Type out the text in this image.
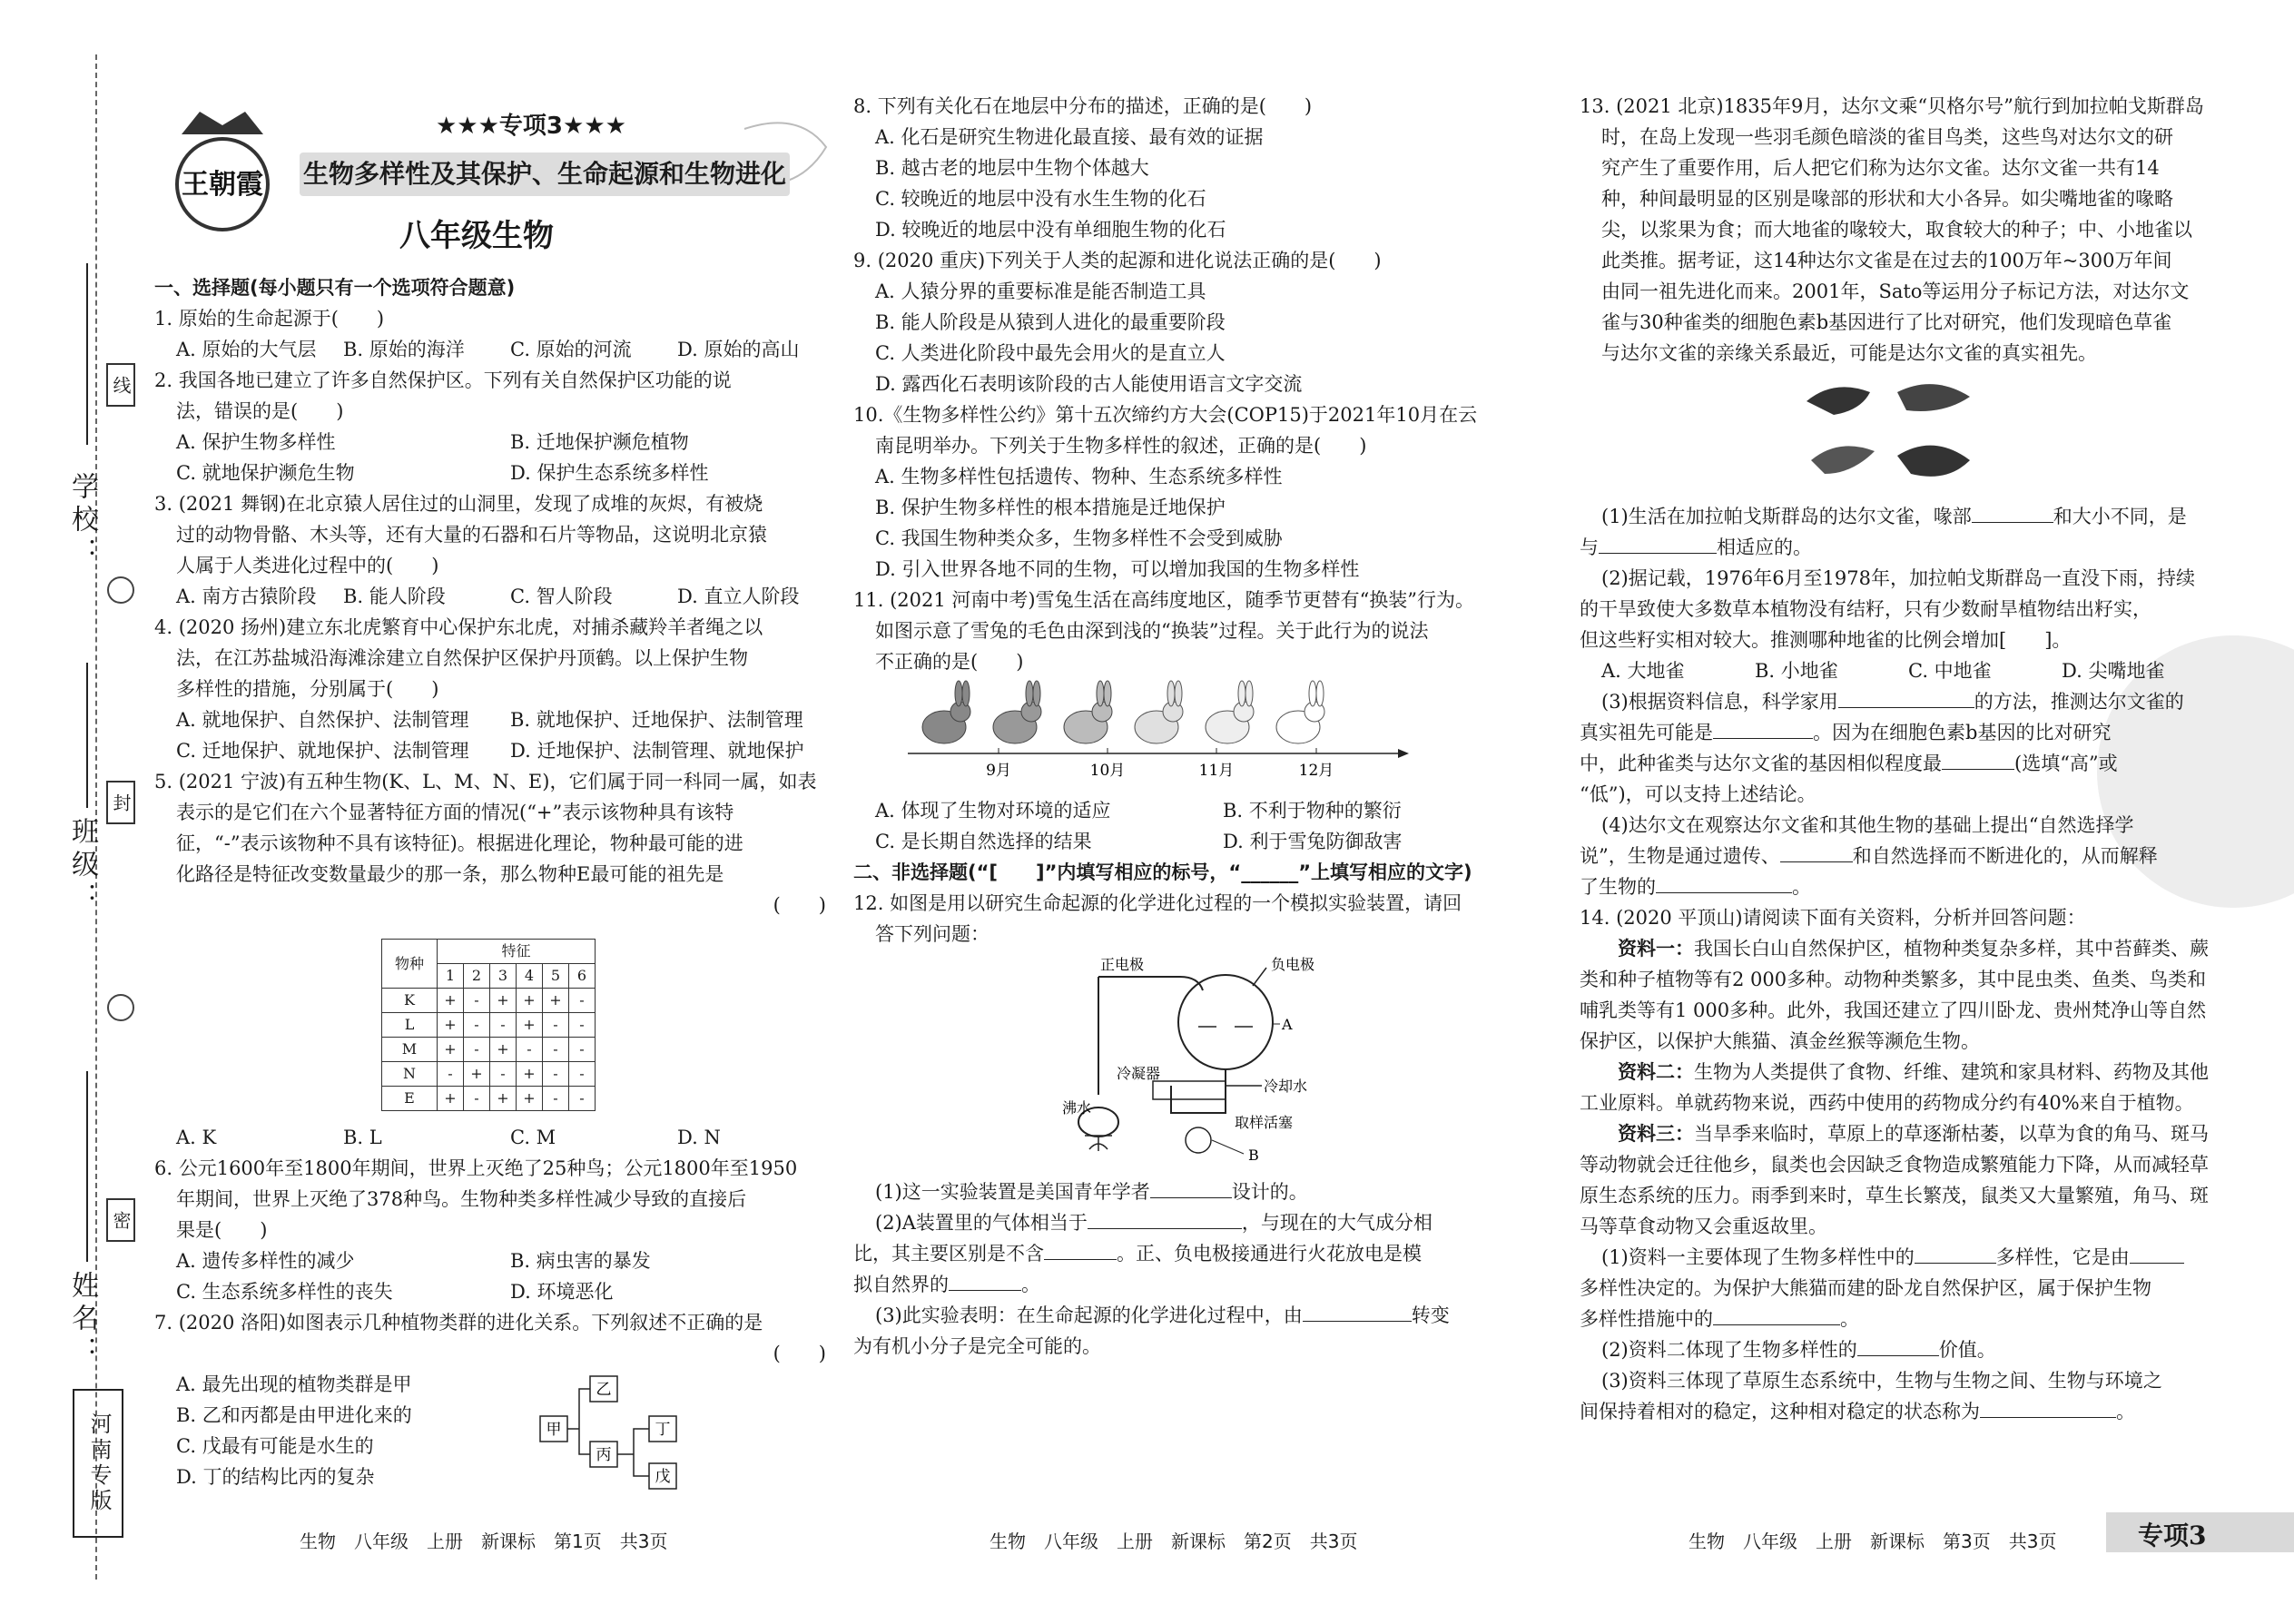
学校：
班级：
姓名：
线
封
密
河南专版
王朝霞
★★★专项3★★★
生物多样性及其保护、生命起源和生物进化
八年级生物

一、选择题(每小题只有一个选项符合题意)

1. 原始的生命起源于(　　)

A. 原始的大气层	B. 原始的海洋	C. 原始的河流	D. 原始的高山

2. 我国各地已建立了许多自然保护区。下列有关自然保护区功能的说

法，错误的是(　　)

A. 保护生物多样性	B. 迁地保护濒危植物
C. 就地保护濒危生物	D. 保护生态系统多样性

3. (2021 舞钢)在北京猿人居住过的山洞里，发现了成堆的灰烬，有被烧

过的动物骨骼、木头等，还有大量的石器和石片等物品，这说明北京猿

人属于人类进化过程中的(　　)

A. 南方古猿阶段	B. 能人阶段	C. 智人阶段	D. 直立人阶段

4. (2020 扬州)建立东北虎繁育中心保护东北虎，对捕杀藏羚羊者绳之以

法，在江苏盐城沿海滩涂建立自然保护区保护丹顶鹤。以上保护生物

多样性的措施，分别属于(　　)

A. 就地保护、自然保护、法制管理	B. 就地保护、迁地保护、法制管理
C. 迁地保护、就地保护、法制管理	D. 迁地保护、法制管理、就地保护

5. (2021 宁波)有五种生物(K、L、M、N、E)，它们属于同一科同一属，如表

表示的是它们在六个显著特征方面的情况(“+”表示该物种具有该特

征，“-”表示该物种不具有该特征)。根据进化理论，物种最可能的进

化路径是特征改变数量最少的那一条，那么物种E最可能的祖先是

(　　)

物种	特征					
	1	2	3	4	5	6
K	+	-	+	+	+	-
L	+	-	-	+	-	-
M	+	-	+	-	-	-
N	-	+	-	+	-	-
E	+	-	+	+	-	-
A. K	B. L	C. M	D. N

6. 公元1600年至1800年期间，世界上灭绝了25种鸟；公元1800年至1950

年期间，世界上灭绝了378种鸟。生物种类多样性减少导致的直接后

果是(　　)

A. 遗传多样性的减少	B. 病虫害的暴发
C. 生态系统多样性的丧失	D. 环境恶化

7. (2020 洛阳)如图表示几种植物类群的进化关系。下列叙述不正确的是

(　　)

A. 最先出现的植物类群是甲

B. 乙和丙都是由甲进化来的

C. 戊最有可能是水生的

D. 丁的结构比丙的复杂

甲
乙
丙
丁
戊

8. 下列有关化石在地层中分布的描述，正确的是(　　)

A. 化石是研究生物进化最直接、最有效的证据

B. 越古老的地层中生物个体越大

C. 较晚近的地层中没有水生生物的化石

D. 较晚近的地层中没有单细胞生物的化石

9. (2020 重庆)下列关于人类的起源和进化说法正确的是(　　)

A. 人猿分界的重要标准是能否制造工具

B. 能人阶段是从猿到人进化的最重要阶段

C. 人类进化阶段中最先会用火的是直立人

D. 露西化石表明该阶段的古人能使用语言文字交流

10.《生物多样性公约》第十五次缔约方大会(COP15)于2021年10月在云

南昆明举办。下列关于生物多样性的叙述，正确的是(　　)

A. 生物多样性包括遗传、物种、生态系统多样性

B. 保护生物多样性的根本措施是迁地保护

C. 我国生物种类众多，生物多样性不会受到威胁

D. 引入世界各地不同的生物，可以增加我国的生物多样性

11. (2021 河南中考)雪兔生活在高纬度地区，随季节更替有“换装”行为。

如图示意了雪兔的毛色由深到浅的“换装”过程。关于此行为的说法

不正确的是(　　)

9月	10月	11月	12月
A. 体现了生物对环境的适应	B. 不利于物种的繁衍
C. 是长期自然选择的结果	D. 利于雪兔防御敌害

二、非选择题(“[　　]”内填写相应的标号，“______”上填写相应的文字)

12. 如图是用以研究生命起源的化学进化过程的一个模拟实验装置，请回

答下列问题：

正电极	负电极
A
冷凝器
冷却水
沸水
取样活塞
B

(1)这一实验装置是美国青年学者	设计的。

(2)A装置里的气体相当于	，与现在的大气成分相

比，其主要区别是不含	。正、负电极接通进行火花放电是模

拟自然界的	。

(3)此实验表明：在生命起源的化学进化过程中，由	转变

为有机小分子是完全可能的。

13. (2021 北京)1835年9月，达尔文乘“贝格尔号”航行到加拉帕戈斯群岛

时，在岛上发现一些羽毛颜色暗淡的雀目鸟类，这些鸟对达尔文的研

究产生了重要作用，后人把它们称为达尔文雀。达尔文雀一共有14

种，种间最明显的区别是喙部的形状和大小各异。如尖嘴地雀的喙略

尖，以浆果为食；而大地雀的喙较大，取食较大的种子；中、小地雀以

此类推。据考证，这14种达尔文雀是在过去的100万年~300万年间

由同一祖先进化而来。2001年，Sato等运用分子标记方法，对达尔文

雀与30种雀类的细胞色素b基因进行了比对研究，他们发现暗色草雀

与达尔文雀的亲缘关系最近，可能是达尔文雀的真实祖先。

(1)生活在加拉帕戈斯群岛的达尔文雀，喙部	和大小不同，是

与	相适应的。

(2)据记载，1976年6月至1978年，加拉帕戈斯群岛一直没下雨，持续

的干旱致使大多数草本植物没有结籽，只有少数耐旱植物结出籽实，

但这些籽实相对较大。推测哪种地雀的比例会增加[　　]。

A. 大地雀	B. 小地雀	C. 中地雀	D. 尖嘴地雀

(3)根据资料信息，科学家用	的方法，推测达尔文雀的

真实祖先可能是	。因为在细胞色素b基因的比对研究

中，此种雀类与达尔文雀的基因相似程度最	(选填“高”或

“低”)，可以支持上述结论。

(4)达尔文在观察达尔文雀和其他生物的基础上提出“自然选择学

说”，生物是通过遗传、	和自然选择而不断进化的，从而解释

了生物的	。

14. (2020 平顶山)请阅读下面有关资料，分析并回答问题：

资料一：我国长白山自然保护区，植物种类复杂多样，其中苔藓类、蕨类和种子植物等有2 000多种。动物种类繁多，其中昆虫类、鱼类、鸟类和哺乳类等有1 000多种。此外，我国还建立了四川卧龙、贵州梵净山等自然保护区，以保护大熊猫、滇金丝猴等濒危生物。

资料二：生物为人类提供了食物、纤维、建筑和家具材料、药物及其他工业原料。单就药物来说，西药中使用的药物成分约有40%来自于植物。

资料三：当旱季来临时，草原上的草逐渐枯萎，以草为食的角马、斑马等动物就会迁往他乡，鼠类也会因缺乏食物造成繁殖能力下降，从而减轻草原生态系统的压力。雨季到来时，草生长繁茂，鼠类又大量繁殖，角马、斑马等草食动物又会重返故里。

(1)资料一主要体现了生物多样性中的	多样性，它是由

多样性决定的。为保护大熊猫而建的卧龙自然保护区，属于保护生物

多样性措施中的	。

(2)资料二体现了生物多样性的	价值。

(3)资料三体现了草原生态系统中，生物与生物之间、生物与环境之

间保持着相对的稳定，这种相对稳定的状态称为	。

生物　八年级　上册　新课标　第1页　共3页	生物　八年级　上册　新课标　第2页　共3页	生物　八年级　上册　新课标　第3页　共3页	专项3
